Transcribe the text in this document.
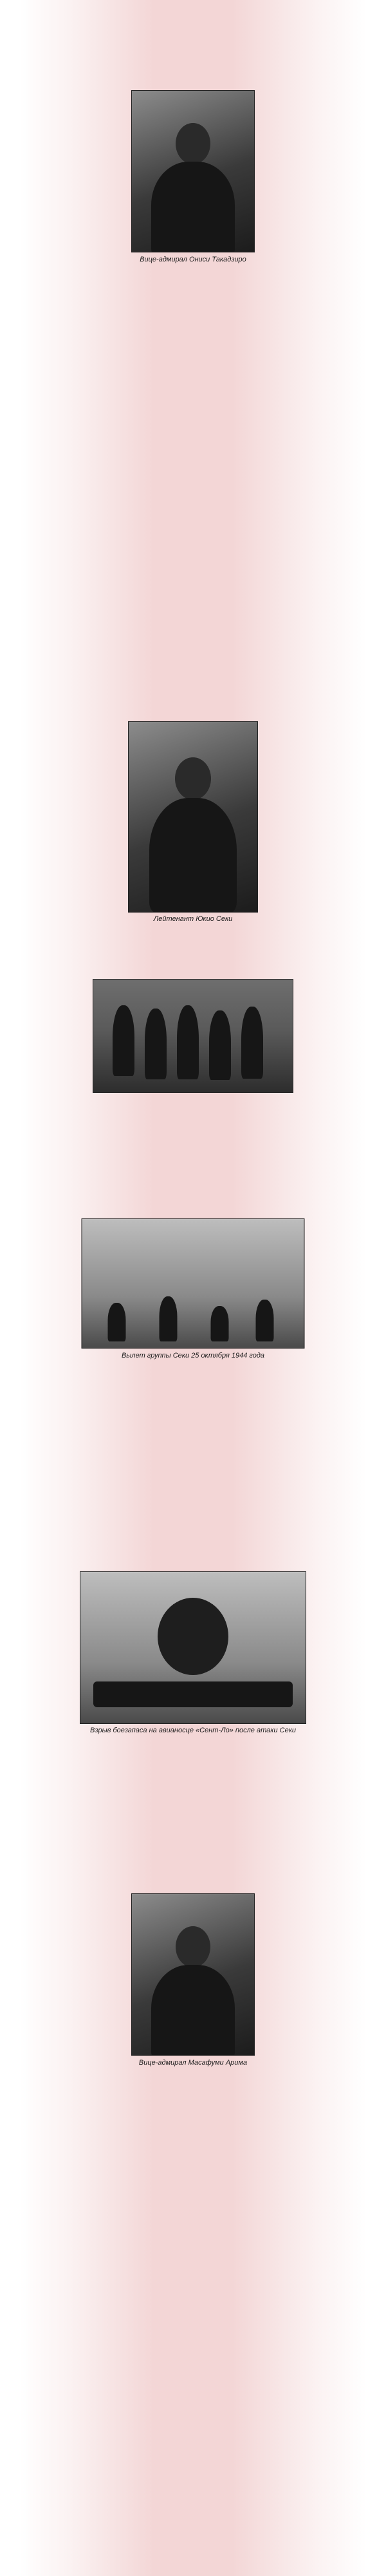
Вице-адмирал Ониси Такадзиро

Лейтенант Юкио Секи

Вылет группы Секи 25 октября 1944 года

Взрыв боезапаса на авианосце «Сент-Ло» после атаки Секи

Вице-адмирал Масафуми Арима
